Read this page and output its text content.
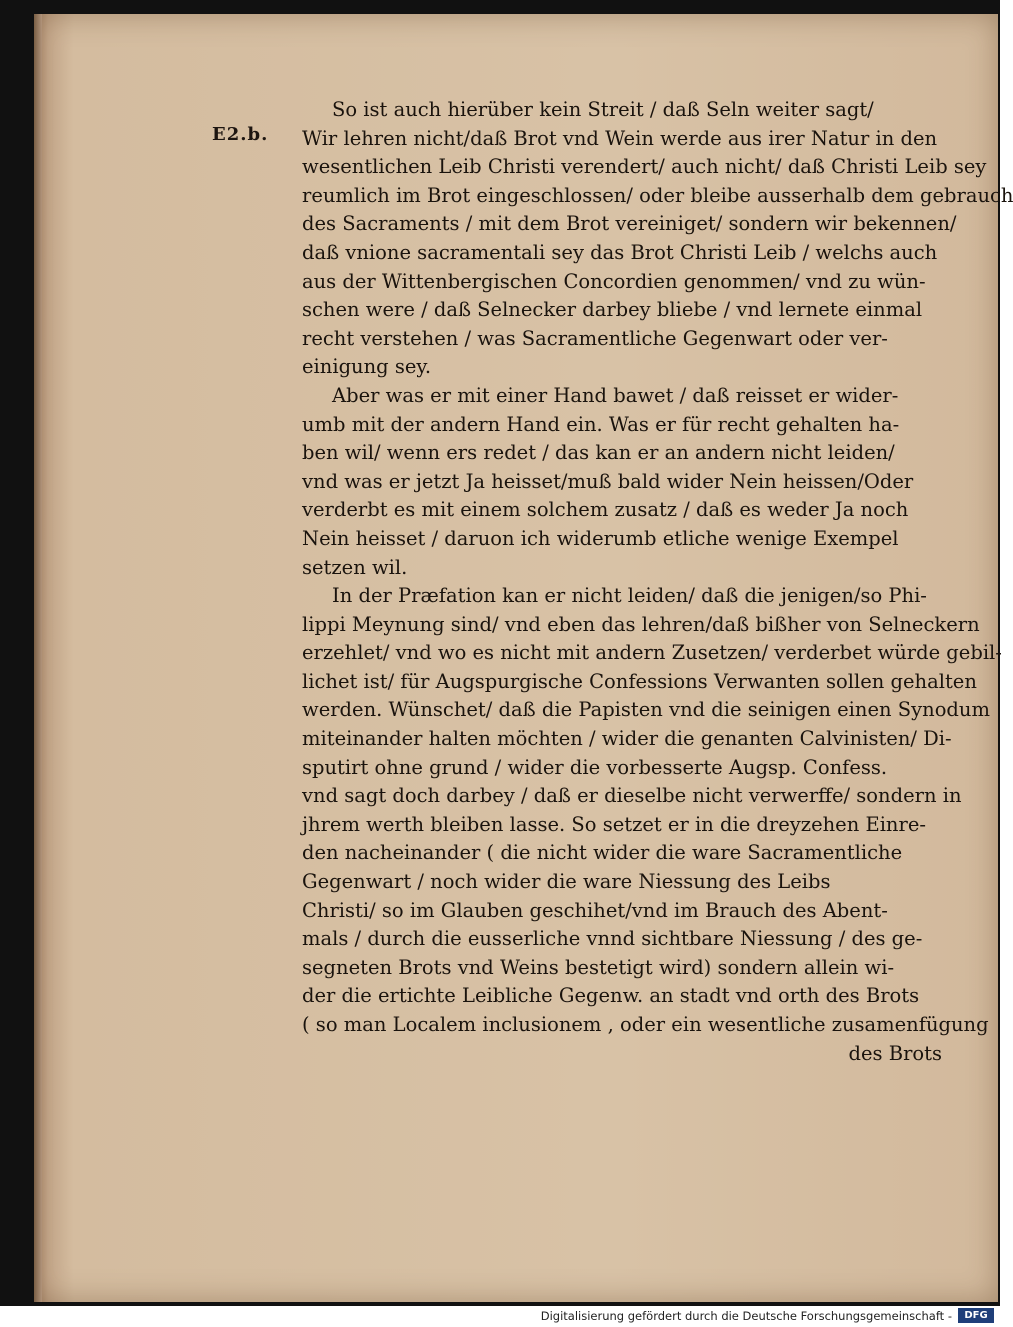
E2.b.
So ist auch hierüber kein Streit / daß Seln weiter sagt/
Wir lehren nicht/daß Brot vnd Wein werde aus irer Natur in den
wesentlichen Leib Christi verendert/ auch nicht/ daß Christi Leib sey
reumlich im Brot eingeschlossen/ oder bleibe ausserhalb dem gebrauch
des Sacraments / mit dem Brot vereiniget/ sondern wir bekennen/
daß vnione sacramentali sey das Brot Christi Leib / welchs auch
aus der Wittenbergischen Concordien genommen/ vnd zu wün-
schen were / daß Selnecker darbey bliebe / vnd lernete einmal
recht verstehen / was Sacramentliche Gegenwart oder ver-
einigung sey.
Aber was er mit einer Hand bawet / daß reisset er wider-
umb mit der andern Hand ein. Was er für recht gehalten ha-
ben wil/ wenn ers redet / das kan er an andern nicht leiden/
vnd was er jetzt Ja heisset/muß bald wider Nein heissen/Oder
verderbt es mit einem solchem zusatz / daß es weder Ja noch
Nein heisset / daruon ich widerumb etliche wenige Exempel
setzen wil.
In der Præfation kan er nicht leiden/ daß die jenigen/so Phi-
lippi Meynung sind/ vnd eben das lehren/daß bißher von Selneckern
erzehlet/ vnd wo es nicht mit andern Zusetzen/ verderbet würde gebil-
lichet ist/ für Augspurgische Confessions Verwanten sollen gehalten
werden. Wünschet/ daß die Papisten vnd die seinigen einen Synodum
miteinander halten möchten / wider die genanten Calvinisten/ Di-
sputirt ohne grund / wider die vorbesserte Augsp. Confess.
vnd sagt doch darbey / daß er dieselbe nicht verwerffe/ sondern in
jhrem werth bleiben lasse. So setzet er in die dreyzehen Einre-
den nacheinander ( die nicht wider die ware Sacramentliche
Gegenwart / noch wider die ware Niessung des Leibs
Christi/ so im Glauben geschihet/vnd im Brauch des Abent-
mals / durch die eusserliche vnnd sichtbare Niessung / des ge-
segneten Brots vnd Weins bestetigt wird) sondern allein wi-
der die ertichte Leibliche Gegenw. an stadt vnd orth des Brots
( so man Localem inclusionem , oder ein wesentliche zusamenfügung
des Brots
Digitalisierung gefördert durch die Deutsche Forschungsgemeinschaft -	DFG
